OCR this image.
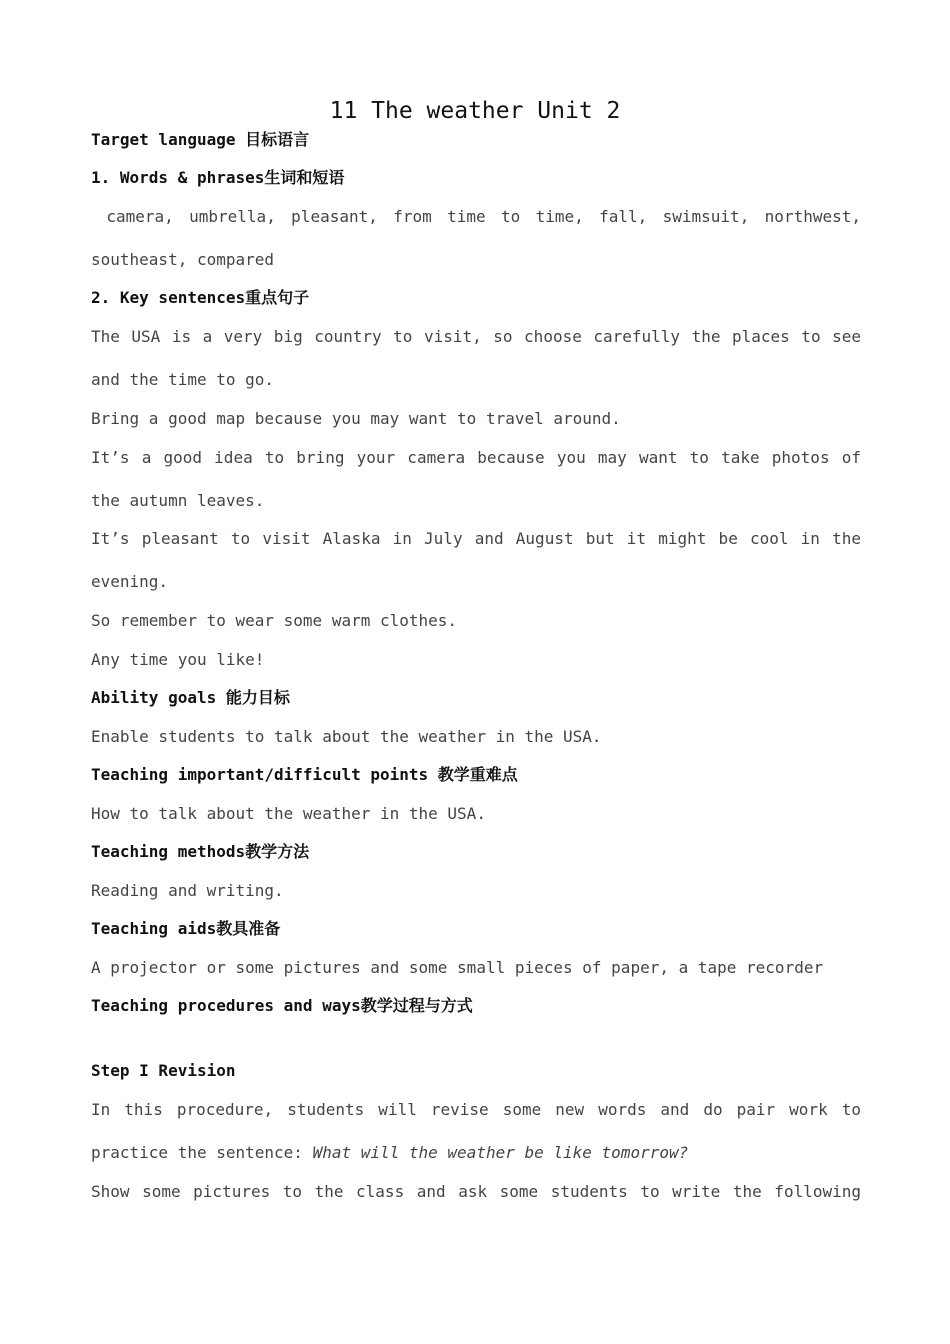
11 The weather Unit 2
Target language 目标语言
1. Words & phrases生词和短语
camera, umbrella, pleasant, from time to time, fall, swimsuit, northwest,
southeast, compared
2. Key sentences重点句子
The USA is a very big country to visit, so choose carefully the places to see
and the time to go.
Bring a good map because you may want to travel around.
It’s a good idea to bring your camera because you may want to take photos of
the autumn leaves.
It’s pleasant to visit Alaska in July and August but it might be cool in the
evening.
So remember to wear some warm clothes.
Any time you like!
Ability goals 能力目标
Enable students to talk about the weather in the USA.
Teaching important/difficult points 教学重难点
How to talk about the weather in the USA.
Teaching methods教学方法
Reading and writing.
Teaching aids教具准备
A projector or some pictures and some small pieces of paper, a tape recorder
Teaching procedures and ways教学过程与方式
Step I Revision
In this procedure, students will revise some new words and do pair work to
practice the sentence: What will the weather be like tomorrow?
Show some pictures to the class and ask some students to write the following
